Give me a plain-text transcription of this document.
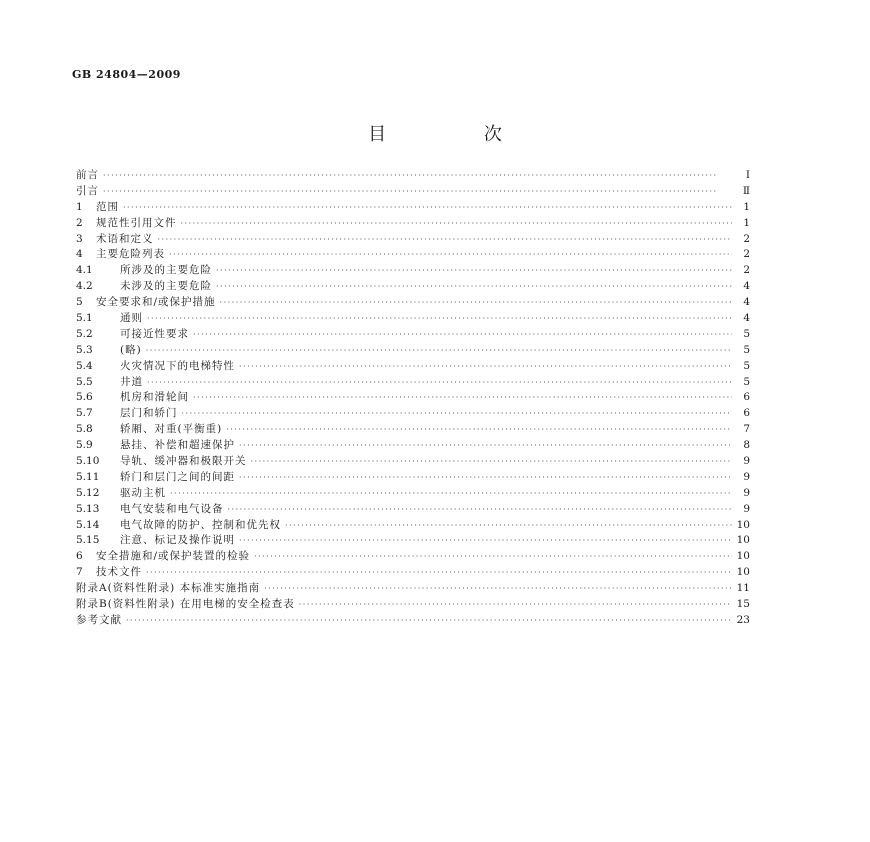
GB 24804—2009
目 次
前言 ·····	Ⅰ
引言 ·····	Ⅱ
1	范围 ·····	1
2	规范性引用文件 ·····	1
3	术语和定义 ·····	2
4	主要危险列表 ·····	2
4.1	所涉及的主要危险 ·····	2
4.2	未涉及的主要危险 ·····	4
5	安全要求和/或保护措施 ·····	4
5.1	通则 ·····	4
5.2	可接近性要求 ·····	5
5.3	(略) ·····	5
5.4	火灾情况下的电梯特性 ·····	5
5.5	井道 ·····	5
5.6	机房和滑轮间 ·····	6
5.7	层门和轿门 ·····	6
5.8	轿厢、对重(平衡重) ·····	7
5.9	悬挂、补偿和超速保护 ·····	8
5.10	导轨、缓冲器和极限开关 ·····	9
5.11	轿门和层门之间的间距 ·····	9
5.12	驱动主机 ·····	9
5.13	电气安装和电气设备 ·····	9
5.14	电气故障的防护、控制和优先权 ·····	10
5.15	注意、标记及操作说明 ·····	10
6	安全措施和/或保护装置的检验 ·····	10
7	技术文件 ·····	10
附录A(资料性附录) 本标准实施指南 ·····	11
附录B(资料性附录) 在用电梯的安全检查表 ·····	15
参考文献 ·····	23
